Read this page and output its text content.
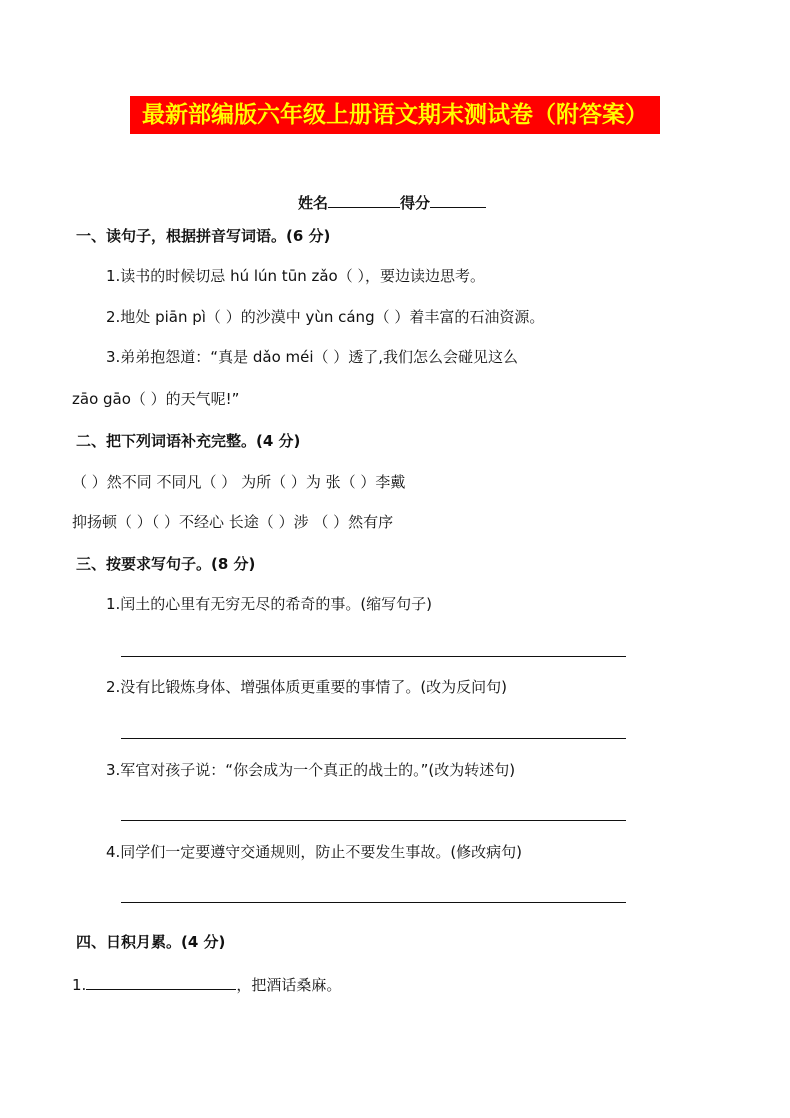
最新部编版六年级上册语文期末测试卷（附答案）
姓名	得分
一、读句子，根据拼音写词语。(6 分)
1.读书的时候切忌 hú lún tūn zǎo（ ），要边读边思考。
2.地处 piān pì（ ）的沙漠中 yùn cáng（ ）着丰富的石油资源。
3.弟弟抱怨道：“真是 dǎo méi（ ）透了,我们怎么会碰见这么
zāo gāo（ ）的天气呢!”
二、把下列词语补充完整。(4 分)
（ ）然不同 不同凡（ ） 为所（ ）为 张（ ）李戴
抑扬顿（ ）（ ）不经心 长途（ ）涉 （ ）然有序
三、按要求写句子。(8 分)
1.闰土的心里有无穷无尽的希奇的事。(缩写句子)
2.没有比锻炼身体、增强体质更重要的事情了。(改为反问句)
3.军官对孩子说：“你会成为一个真正的战士的。”(改为转述句)
4.同学们一定要遵守交通规则，防止不要发生事故。(修改病句)
四、日积月累。(4 分)
1.	，把酒话桑麻。
